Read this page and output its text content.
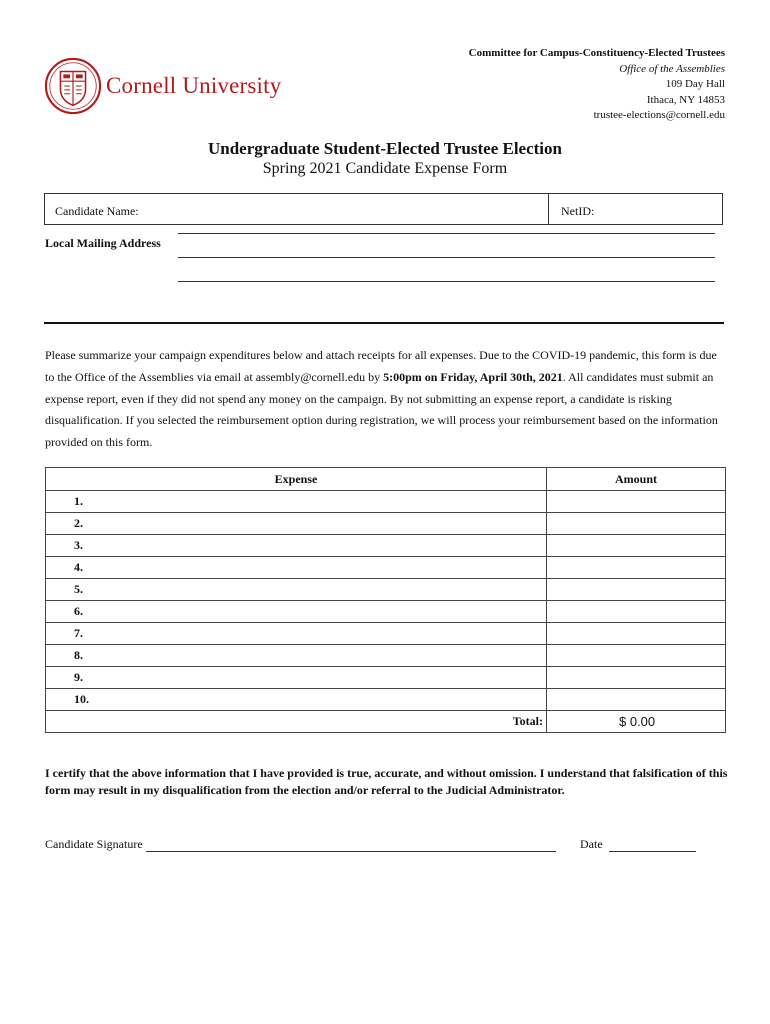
Cornell University
Committee for Campus-Constituency-Elected Trustees
Office of the Assemblies
109 Day Hall
Ithaca, NY 14853
trustee-elections@cornell.edu
Undergraduate Student-Elected Trustee Election
Spring 2021 Candidate Expense Form
Candidate Name:	NetID:
Local Mailing Address
Please summarize your campaign expenditures below and attach receipts for all expenses. Due to the COVID-19 pandemic, this form is due to the Office of the Assemblies via email at assembly@cornell.edu by 5:00pm on Friday, April 30th, 2021. All candidates must submit an expense report, even if they did not spend any money on the campaign. By not submitting an expense report, a candidate is risking disqualification. If you selected the reimbursement option during registration, we will process your reimbursement based on the information provided on this form.
Expense	Amount
1.	
2.	
3.	
4.	
5.	
6.	
7.	
8.	
9.	
10.	
Total:	$ 0.00
I certify that the above information that I have provided is true, accurate, and without omission. I understand that falsification of this form may result in my disqualification from the election and/or referral to the Judicial Administrator.
Candidate Signature	Date
